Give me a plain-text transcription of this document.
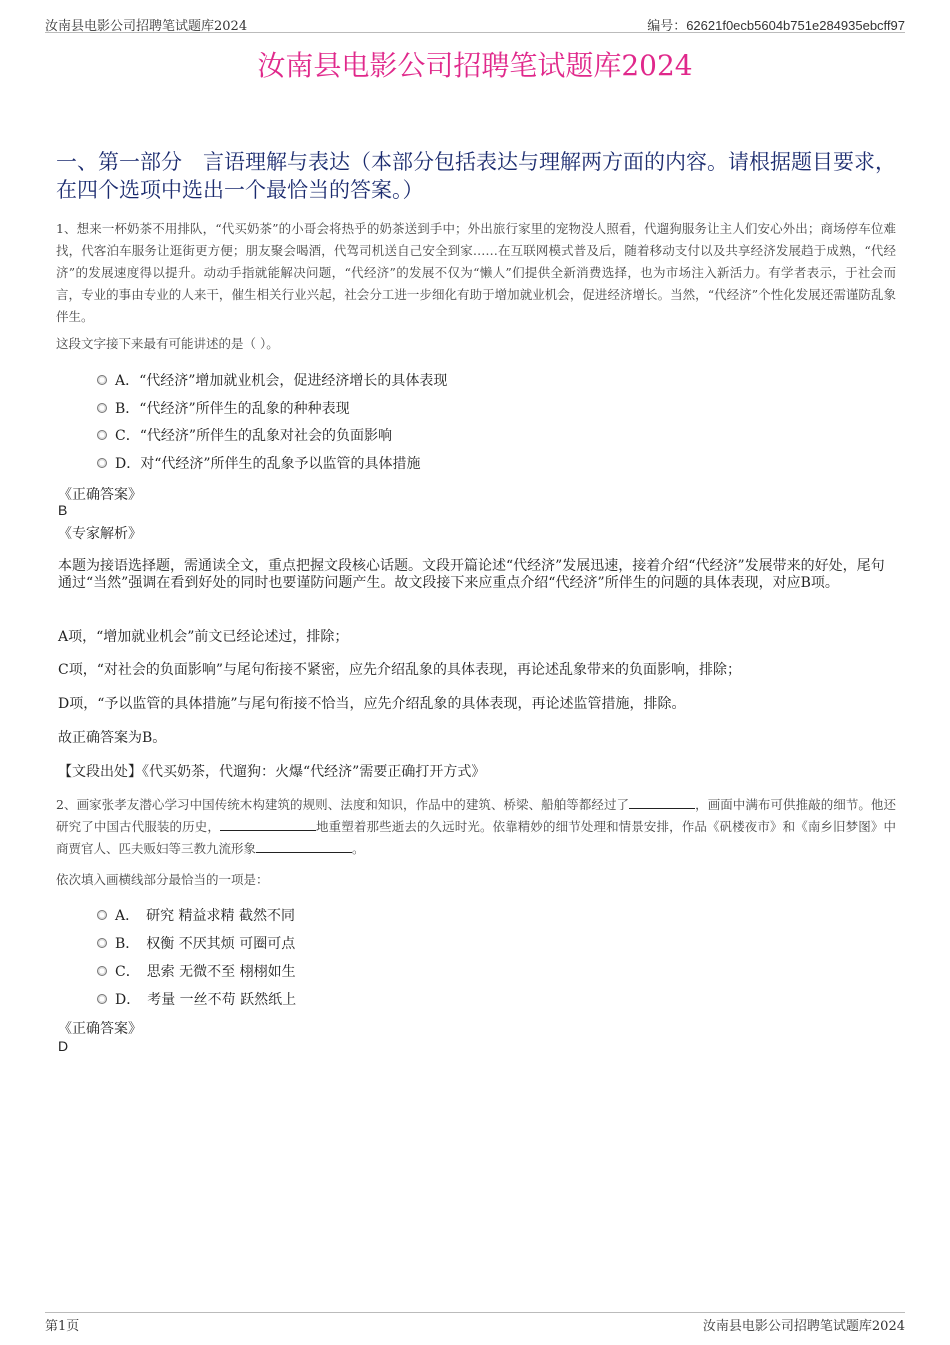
汝南县电影公司招聘笔试题库2024	编号：62621f0ecb5604b751e284935ebcff97
汝南县电影公司招聘笔试题库2024
一、第一部分　言语理解与表达（本部分包括表达与理解两方面的内容。请根据题目要求，在四个选项中选出一个最恰当的答案。）
1、想来一杯奶茶不用排队，“代买奶茶”的小哥会将热乎的奶茶送到手中；外出旅行家里的宠物没人照看，代遛狗服务让主人们安心外出；商场停车位难找，代客泊车服务让逛街更方便；朋友聚会喝酒，代驾司机送自己安全到家……在互联网模式普及后，随着移动支付以及共享经济发展趋于成熟，“代经济”的发展速度得以提升。动动手指就能解决问题，“代经济”的发展不仅为“懒人”们提供全新消费选择，也为市场注入新活力。有学者表示，于社会而言，专业的事由专业的人来干，催生相关行业兴起，社会分工进一步细化有助于增加就业机会，促进经济增长。当然，“代经济”个性化发展还需谨防乱象伴生。
这段文字接下来最有可能讲述的是（ ）。
A．“代经济”增加就业机会，促进经济增长的具体表现
B．“代经济”所伴生的乱象的种种表现
C．“代经济”所伴生的乱象对社会的负面影响
D．对“代经济”所伴生的乱象予以监管的具体措施
《正确答案》
B
《专家解析》
本题为接语选择题，需通读全文，重点把握文段核心话题。文段开篇论述“代经济”发展迅速，接着介绍“代经济”发展带来的好处，尾句通过“当然”强调在看到好处的同时也要谨防问题产生。故文段接下来应重点介绍“代经济”所伴生的问题的具体表现，对应B项。
A项，“增加就业机会”前文已经论述过，排除；
C项，“对社会的负面影响”与尾句衔接不紧密，应先介绍乱象的具体表现，再论述乱象带来的负面影响，排除；
D项，“予以监管的具体措施”与尾句衔接不恰当，应先介绍乱象的具体表现，再论述监管措施，排除。
故正确答案为B。
【文段出处】《代买奶茶，代遛狗：火爆“代经济”需要正确打开方式》
2、画家张孝友潜心学习中国传统木构建筑的规则、法度和知识，作品中的建筑、桥梁、船舶等都经过了	，画面中满布可供推敲的细节。他还研究了中国古代服装的历史，	地重塑着那些逝去的久远时光。依靠精妙的细节处理和情景安排，作品《矾楼夜市》和《南乡旧梦图》中商贾官人、匹夫贩妇等三教九流形象	。
依次填入画横线部分最恰当的一项是：
A．　研究 精益求精 截然不同
B．　权衡 不厌其烦 可圈可点
C．　思索 无微不至 栩栩如生
D．　考量 一丝不苟 跃然纸上
《正确答案》
D
第1页	汝南县电影公司招聘笔试题库2024
